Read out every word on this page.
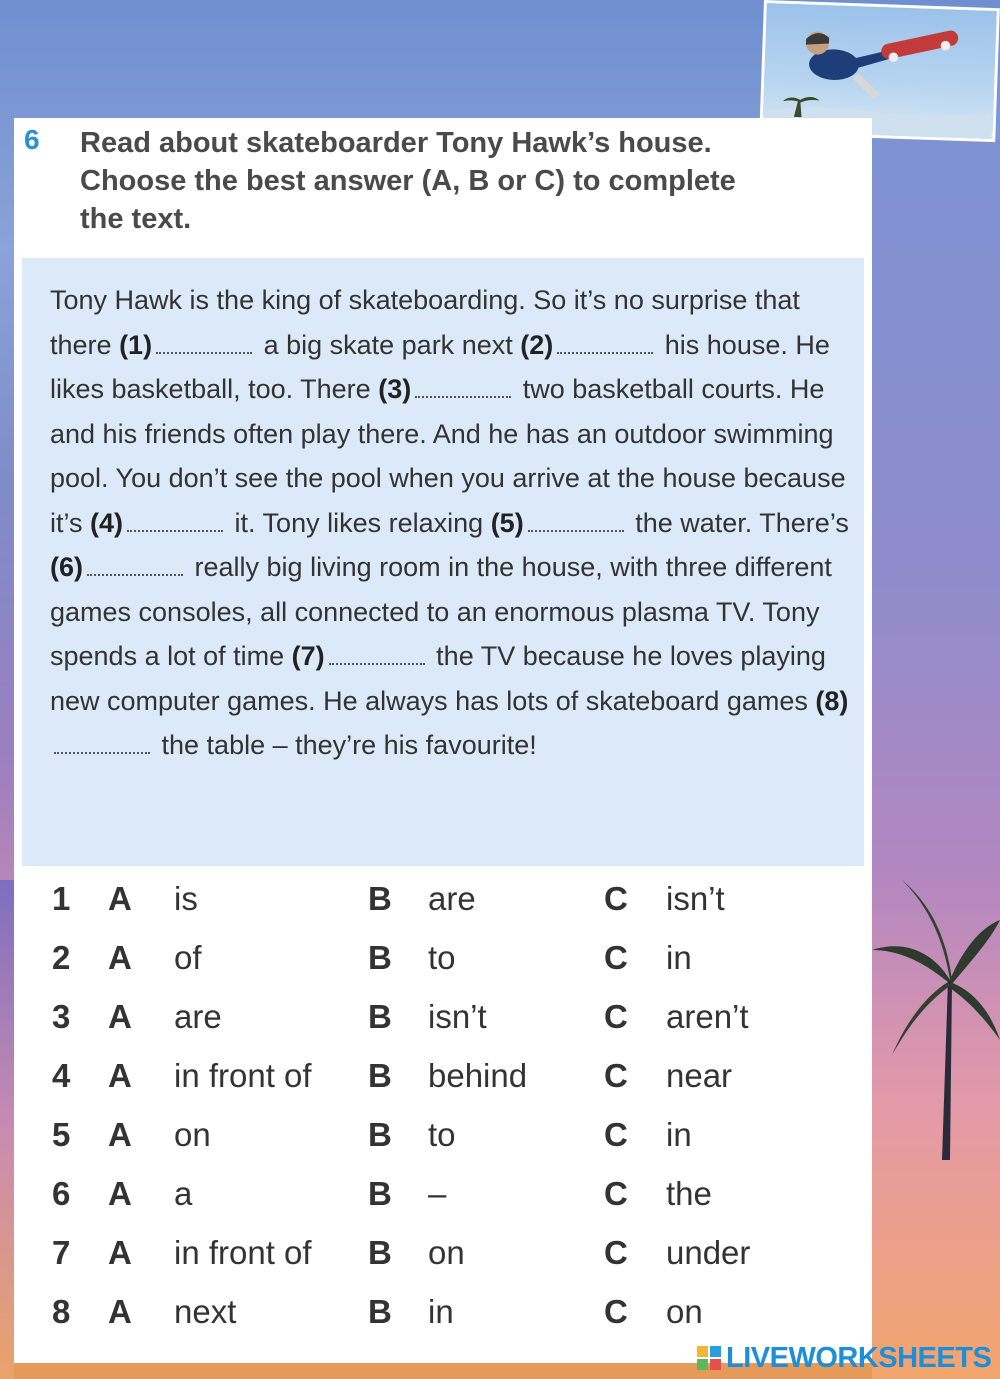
6 Read about skateboarder Tony Hawk’s house.
Choose the best answer (A, B or C) to complete
the text.
Tony Hawk is the king of skateboarding. So it’s no surprise that there (1)	a big skate park next (2)	his house. He likes basketball, too. There (3)	two basketball courts. He and his friends often play there. And he has an outdoor swimming pool. You don’t see the pool when you arrive at the house because it’s (4)	it. Tony likes relaxing (5)	the water. There’s (6)	really big living room in the house, with three different games consoles, all connected to an enormous plasma TV. Tony spends a lot of time (7)	the TV because he loves playing new computer games. He always has lots of skateboard games (8) the table – they’re his favourite!
1 A is	B are	C isn’t
2 A of	B to	C in
3 A are	B isn’t	C aren’t
4 A in front of B behind C near
5 A on	B to	C in
6 A a	B –	C the
7 A in front of B on	C under
8 A next	B in	C on
LIVEWORKSHEETS
